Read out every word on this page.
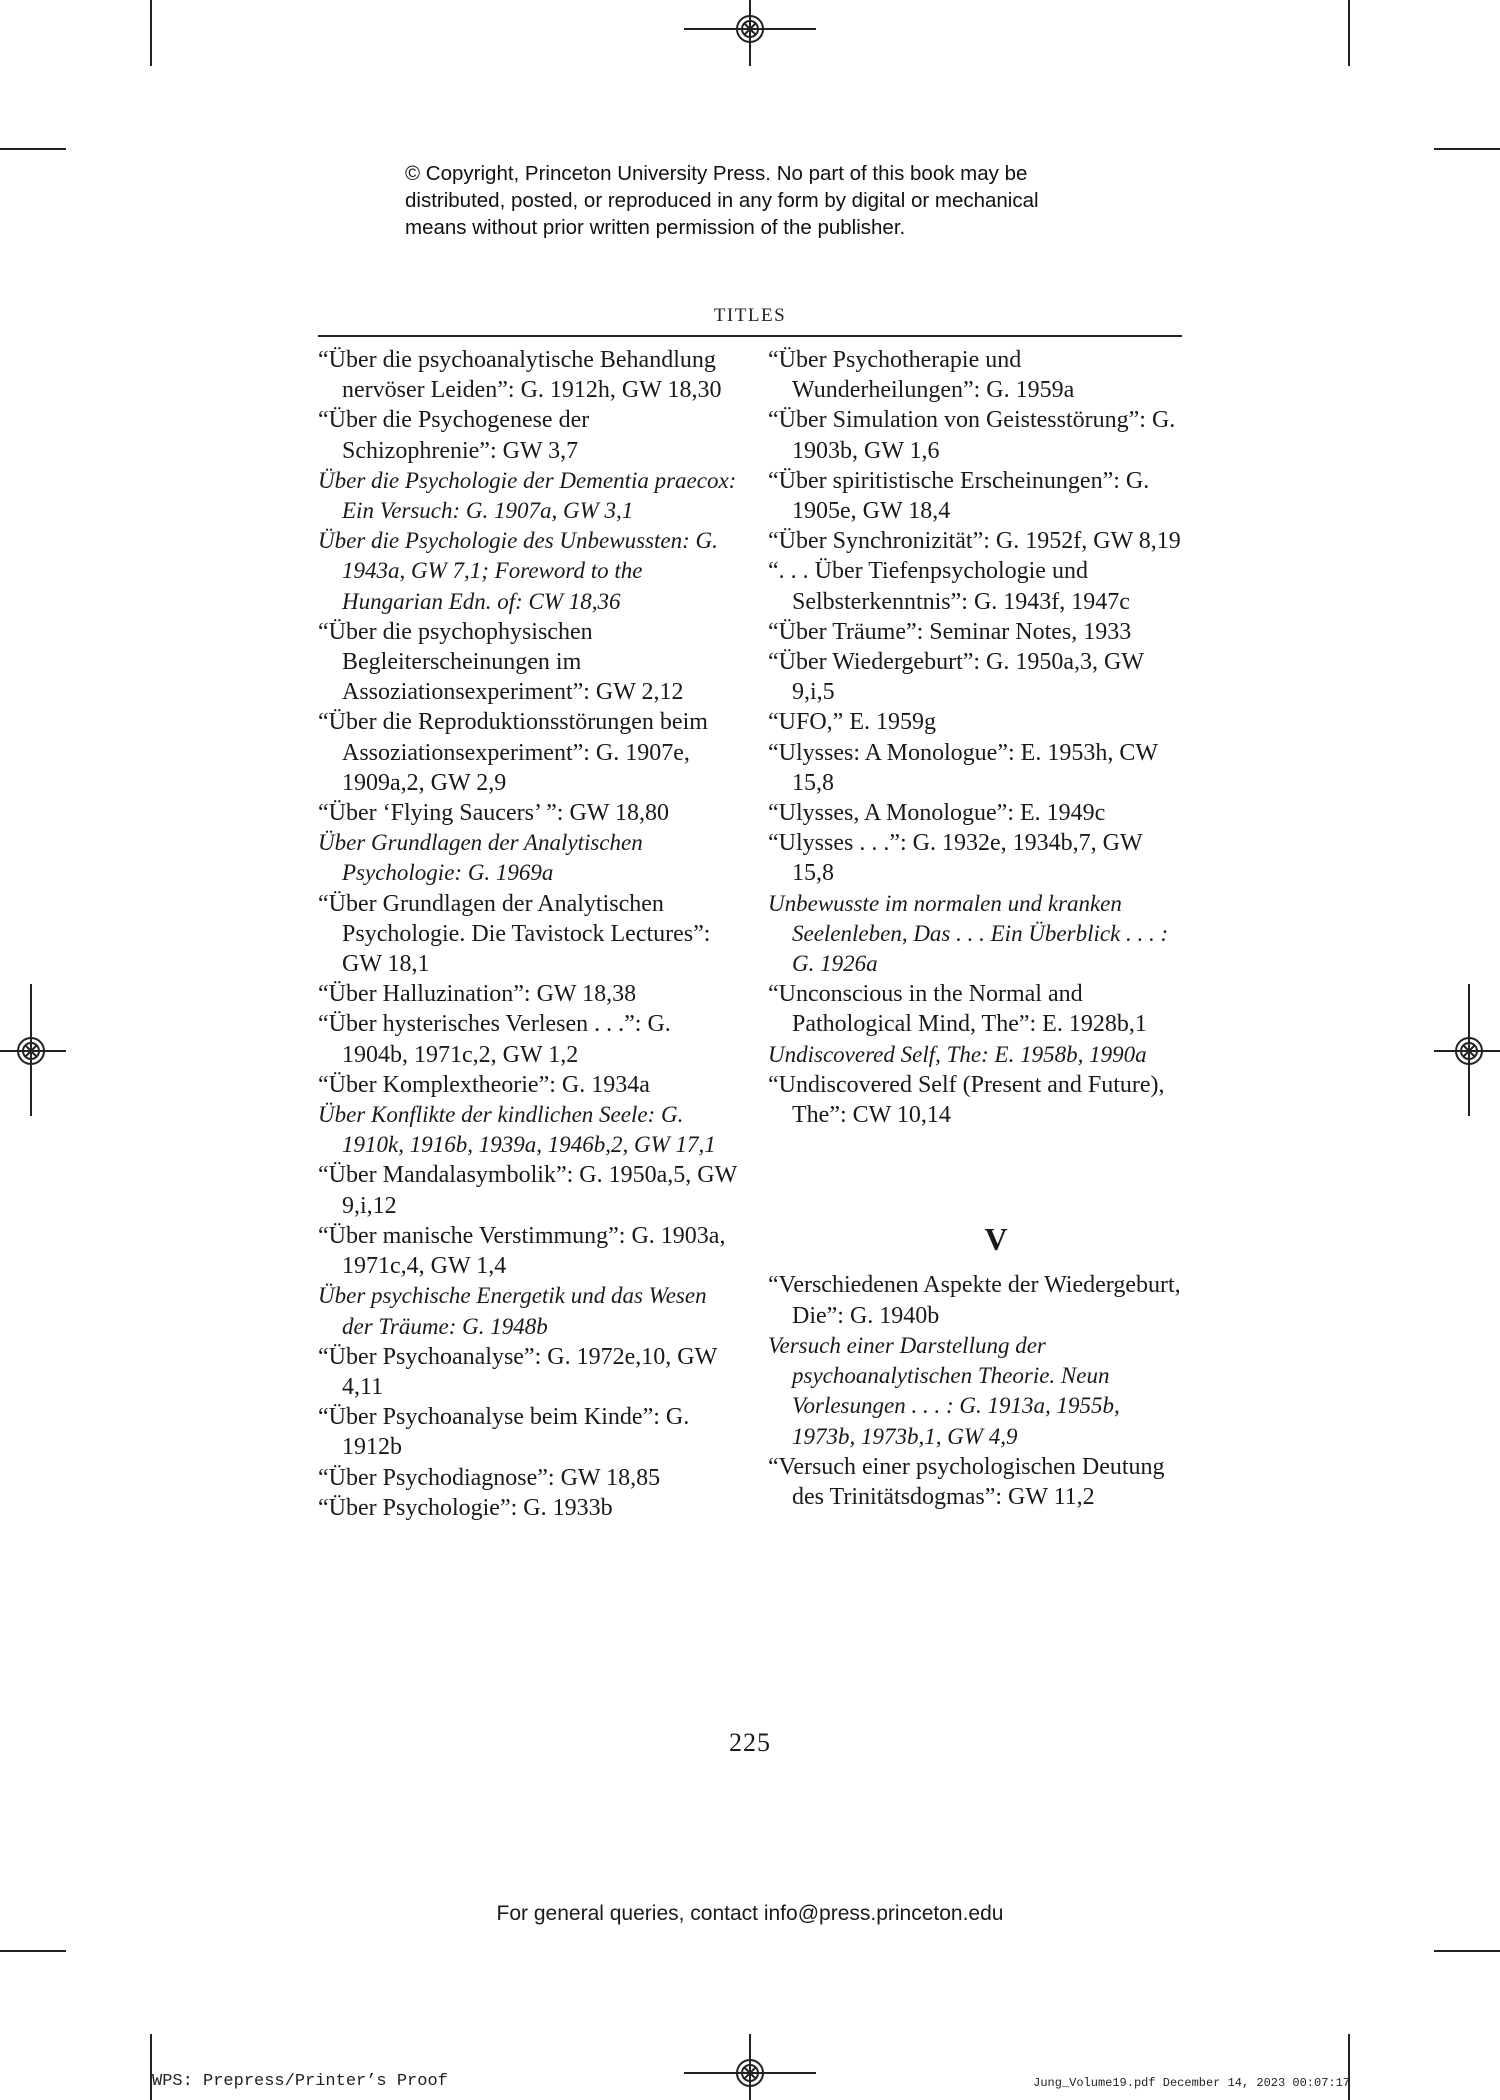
© Copyright, Princeton University Press. No part of this book may be
distributed, posted, or reproduced in any form by digital or mechanical
means without prior written permission of the publisher.
TITLES

“Über die psychoanalytische Behandlung nervöser Leiden”: G. 1912h, GW 18,30

“Über die Psychogenese der Schizophrenie”: GW 3,7

Über die Psychologie der Dementia praecox: Ein Versuch: G. 1907a, GW 3,1

Über die Psychologie des Unbewussten: G. 1943a, GW 7,1; Foreword to the Hungarian Edn. of: CW 18,36

“Über die psychophysischen Begleiterscheinungen im Assoziationsexperiment”: GW 2,12

“Über die Reproduktionsstörungen beim Assoziationsexperiment”: G. 1907e, 1909a,2, GW 2,9

“Über ‘Flying Saucers’ ”: GW 18,80

Über Grundlagen der Analytischen Psychologie: G. 1969a

“Über Grundlagen der Analytischen Psychologie. Die Tavistock Lectures”: GW 18,1

“Über Halluzination”: GW 18,38

“Über hysterisches Verlesen . . .”: G. 1904b, 1971c,2, GW 1,2

“Über Komplextheorie”: G. 1934a

Über Konflikte der kindlichen Seele: G. 1910k, 1916b, 1939a, 1946b,2, GW 17,1

“Über Mandalasymbolik”: G. 1950a,5, GW 9,i,12

“Über manische Verstimmung”: G. 1903a, 1971c,4, GW 1,4

Über psychische Energetik und das Wesen der Träume: G. 1948b

“Über Psychoanalyse”: G. 1972e,10, GW 4,11

“Über Psychoanalyse beim Kinde”: G. 1912b

“Über Psychodiagnose”: GW 18,85

“Über Psychologie”: G. 1933b

“Über Psychotherapie und Wunderheilungen”: G. 1959a

“Über Simulation von Geistesstörung”: G. 1903b, GW 1,6

“Über spiritistische Erscheinungen”: G. 1905e, GW 18,4

“Über Synchronizität”: G. 1952f, GW 8,19

“. . . Über Tiefenpsychologie und Selbsterkenntnis”: G. 1943f, 1947c

“Über Träume”: Seminar Notes, 1933

“Über Wiedergeburt”: G. 1950a,3, GW 9,i,5

“UFO,” E. 1959g

“Ulysses: A Monologue”: E. 1953h, CW 15,8

“Ulysses, A Monologue”: E. 1949c

“Ulysses . . .”: G. 1932e, 1934b,7, GW 15,8

Unbewusste im normalen und kranken Seelenleben, Das . . . Ein Überblick . . . : G. 1926a

“Unconscious in the Normal and Pathological Mind, The”: E. 1928b,1

Undiscovered Self, The: E. 1958b, 1990a

“Undiscovered Self (Present and Future), The”: CW 10,14

V

“Verschiedenen Aspekte der Wiedergeburt, Die”: G. 1940b

Versuch einer Darstellung der psychoanalytischen Theorie. Neun Vorlesungen . . . : G. 1913a, 1955b, 1973b, 1973b,1, GW 4,9

“Versuch einer psychologischen Deutung des Trinitätsdogmas”: GW 11,2

225
For general queries, contact info@press.princeton.edu
WPS: Prepress/Printer’s Proof	Jung_Volume19.pdf December 14, 2023 00:07:17
